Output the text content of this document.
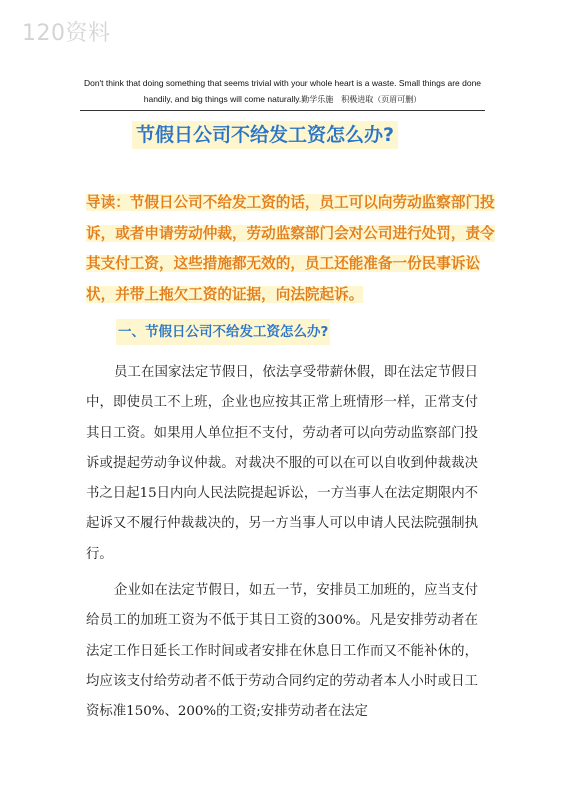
120资料
Don't think that doing something that seems trivial with your whole heart is a waste. Small things are done
handily, and big things will come naturally.勤学乐施　积极进取（页眉可删）
节假日公司不给发工资怎么办?

导读：节假日公司不给发工资的话，员工可以向劳动监察部门投诉，或者申请劳动仲裁，劳动监察部门会对公司进行处罚，责令其支付工资，这些措施都无效的，员工还能准备一份民事诉讼状，并带上拖欠工资的证据，向法院起诉。

一、节假日公司不给发工资怎么办?

员工在国家法定节假日，依法享受带薪休假，即在法定节假日中，即使员工不上班，企业也应按其正常上班情形一样，正常支付其日工资。如果用人单位拒不支付，劳动者可以向劳动监察部门投诉或提起劳动争议仲裁。对裁决不服的可以在可以自收到仲裁裁决书之日起15日内向人民法院提起诉讼，一方当事人在法定期限内不起诉又不履行仲裁裁决的，另一方当事人可以申请人民法院强制执行。

企业如在法定节假日，如五一节，安排员工加班的，应当支付给员工的加班工资为不低于其日工资的300%。凡是安排劳动者在法定工作日延长工作时间或者安排在休息日工作而又不能补休的，均应该支付给劳动者不低于劳动合同约定的劳动者本人小时或日工资标准150%、200%的工资;安排劳动者在法定
